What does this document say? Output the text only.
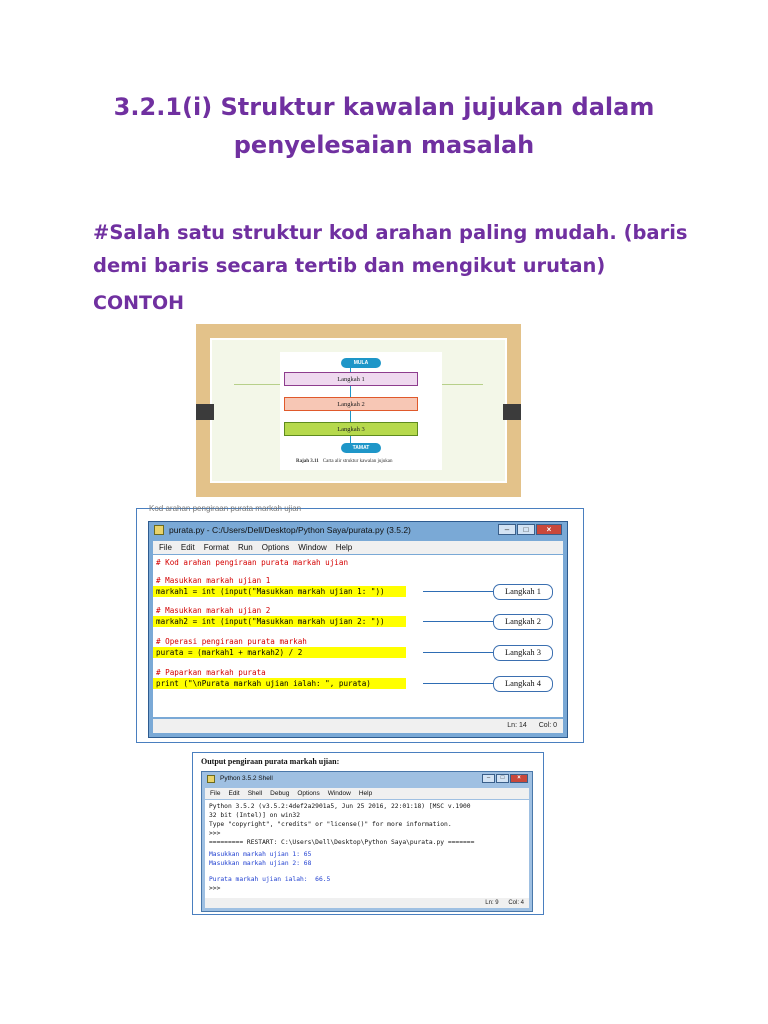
3.2.1(i) Struktur kawalan jujukan dalam
penyelesaian masalah
#Salah satu struktur kod arahan paling mudah. (baris
demi baris secara tertib dan mengikut urutan)
CONTOH
MULA
Langkah 1
Langkah 2
Langkah 3
TAMAT
Rajah 3.11 Carta alir struktur kawalan jujukan
Kod arahan pengiraan purata markah ujian
purata.py - C:/Users/Dell/Desktop/Python Saya/purata.py (3.5.2)	–	□	×
File Edit Format Run Options Window Help
# Kod arahan pengiraan purata markah ujian
# Masukkan markah ujian 1
markah1 = int (input("Masukkan markah ujian 1: "))
# Masukkan markah ujian 2
markah2 = int (input("Masukkan markah ujian 2: "))
# Operasi pengiraan purata markah
purata = (markah1 + markah2) / 2
# Paparkan markah purata
print ("\nPurata markah ujian ialah: ", purata)
Langkah 1
Langkah 2
Langkah 3
Langkah 4
Ln: 14 Col: 0
Output pengiraan purata markah ujian:
Python 3.5.2 Shell	–	□	×
File Edit Shell Debug Options Window Help
Python 3.5.2 (v3.5.2:4def2a2901a5, Jun 25 2016, 22:01:18) [MSC v.1900
32 bit (Intel)] on win32
Type "copyright", "credits" or "license()" for more information.
>>>
========= RESTART: C:\Users\Dell\Desktop\Python Saya\purata.py =======
Masukkan markah ujian 1: 65
Masukkan markah ujian 2: 68
Purata markah ujian ialah:  66.5
>>>
Ln: 9 Col: 4
